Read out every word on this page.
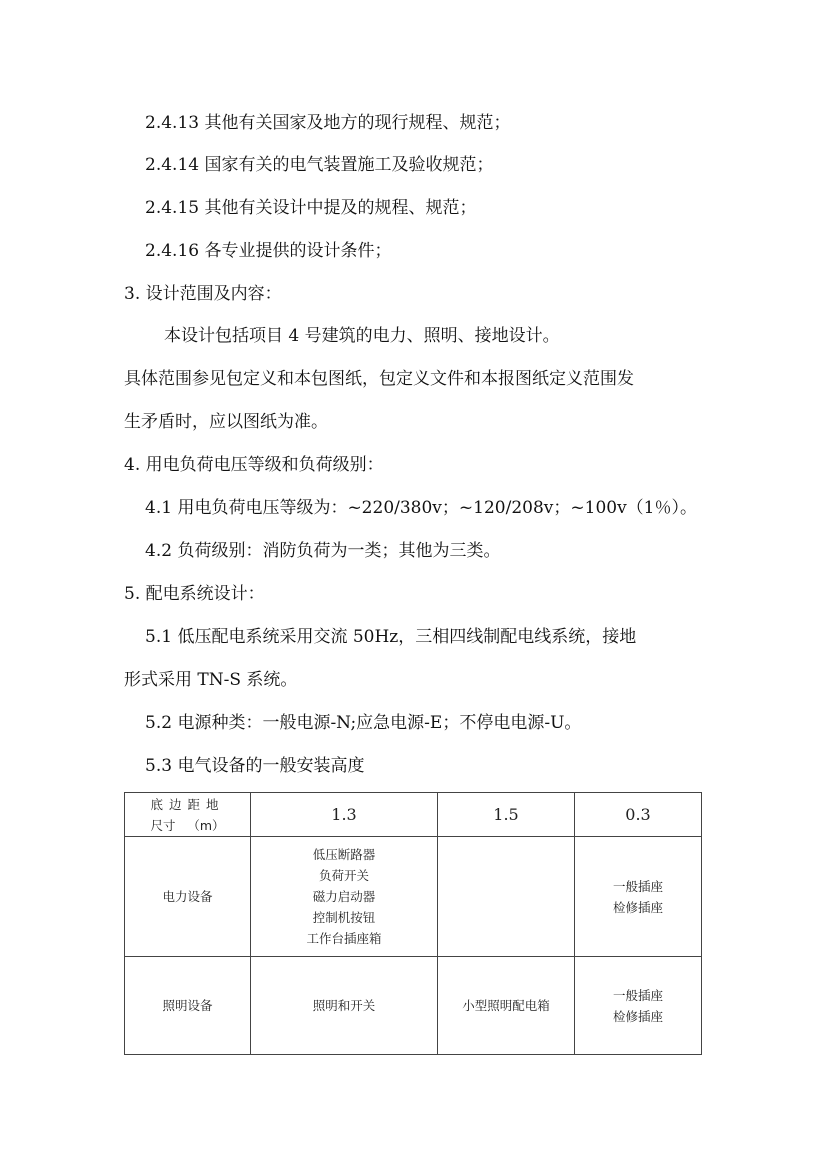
2.4.13 其他有关国家及地方的现行规程、规范；
2.4.14 国家有关的电气装置施工及验收规范；
2.4.15 其他有关设计中提及的规程、规范；
2.4.16 各专业提供的设计条件；
3. 设计范围及内容：
本设计包括项目 4 号建筑的电力、照明、接地设计。
具体范围参见包定义和本包图纸，包定义文件和本报图纸定义范围发
生矛盾时，应以图纸为准。
4. 用电负荷电压等级和负荷级别：
4.1 用电负荷电压等级为：~220/380v；~120/208v；~100v（1％）。
4.2 负荷级别：消防负荷为一类；其他为三类。
5. 配电系统设计：
5.1 低压配电系统采用交流 50Hz，三相四线制配电线系统，接地
形式采用 TN-S 系统。
5.2 电源种类：一般电源-N;应急电源-E；不停电电源-U。
5.3 电气设备的一般安装高度
底边距地
尺寸   （m）	1.3	1.5	0.3
电力设备	低压断路器
负荷开关
磁力启动器
控制机按钮
工作台插座箱		一般插座
检修插座

照明设备	照明和开关	小型照明配电箱	一般插座
检修插座
